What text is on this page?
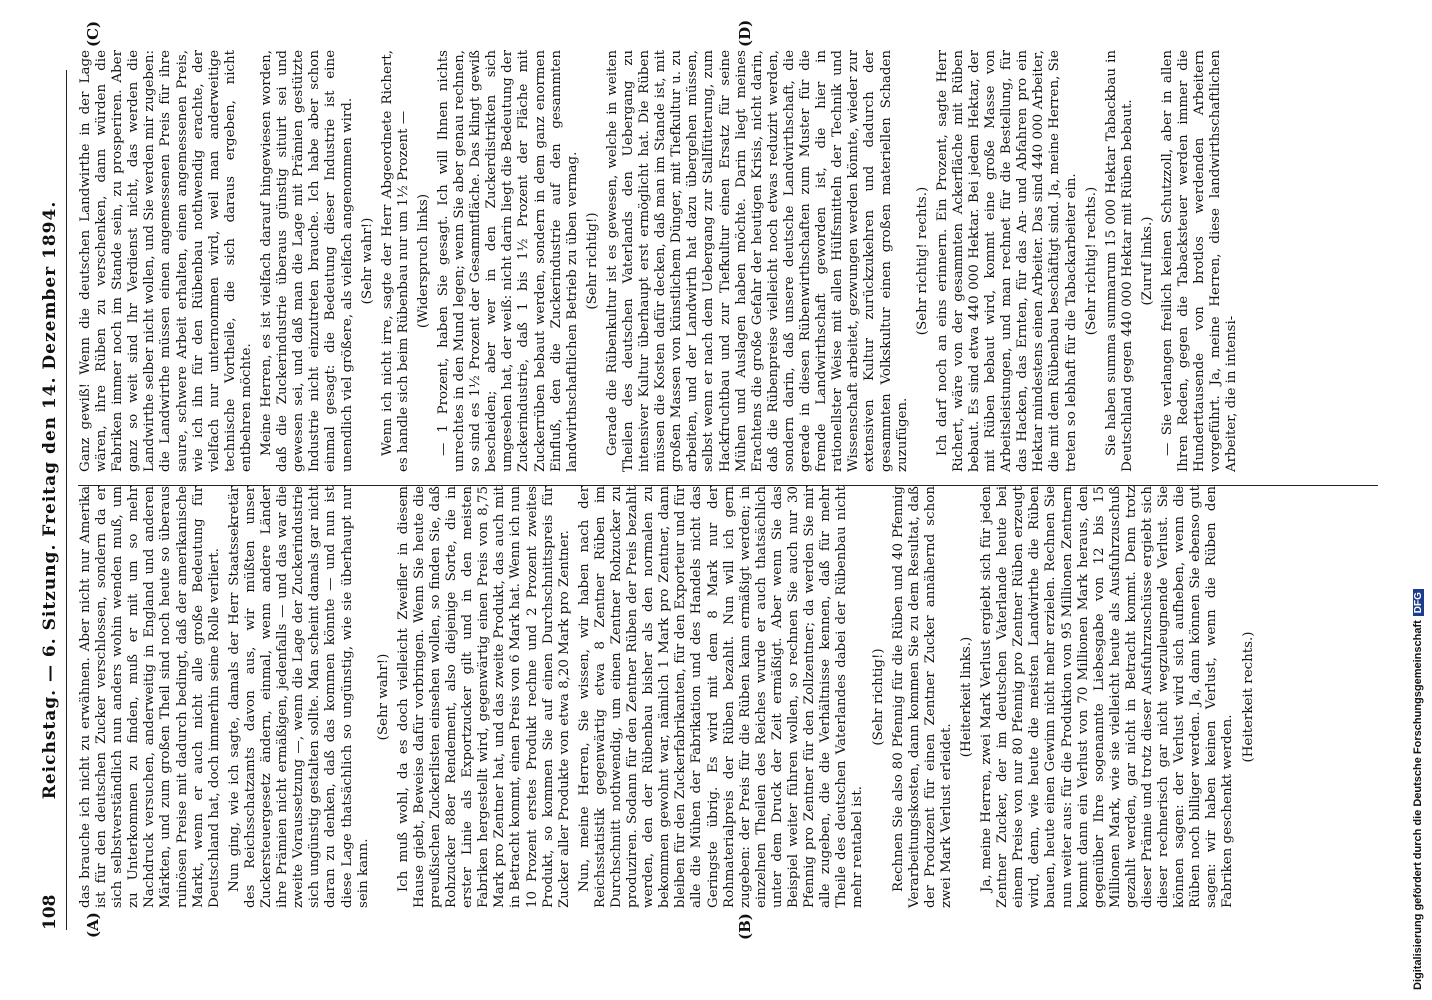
108
Reichstag. — 6. Sitzung. Freitag den 14. Dezember 1894.
(A)	(B)
(C)	(D)

das brauche ich nicht zu erwähnen. Aber nicht nur Amerika ist für den deutschen Zucker verschlossen, sondern da er sich selbstverständlich nun anders wohin wenden muß, um zu Unterkommen zu finden, muß er mit um so mehr Nachdruck versuchen, anderweitig in England und anderen Märkten, und zum großen Theil sind noch heute so überaus ruinösen Preise mit dadurch bedingt, daß der amerikanische Markt, wenn er auch nicht alle große Bedeutung für Deutschland hat, doch immerhin seine Rolle verliert. Nun ging, wie ich sagte, damals der Herr Staatssekretär des Reichsschatzamts davon aus, wir müßten unser Zuckersteuergesetz ändern, einmal, wenn andere Länder ihre Prämien nicht ermäßigen, jedenfalls — und das war die zweite Voraussetzung —, wenn die Lage der Zuckerindustrie sich ungünstig gestalten sollte. Man scheint damals gar nicht daran zu denken, daß das kommen könnte — und nun ist diese Lage thatsächlich so ungünstig, wie sie überhaupt nur sein kann.

(Sehr wahr!) Ich muß wohl, da es doch vielleicht Zweifler in diesem Hause giebt, Beweise dafür vorbringen. Wenn Sie heute die preußischen Zuckerlisten einsehen wollen, so finden Sie, daß Rohzucker 88er Rendement, also diejenige Sorte, die in erster Linie als Exportzucker gilt und in den meisten Fabriken hergestellt wird, gegenwärtig einen Preis von 8,75 Mark pro Zentner hat, und das zweite Produkt, das auch mit in Betracht kommt, einen Preis von 6 Mark hat. Wenn ich nun 10 Prozent erstes Produkt rechne und 2 Prozent zweites Produkt, so kommen Sie auf einen Durchschnittspreis für Zucker aller Produkte von etwa 8,20 Mark pro Zentner. Nun, meine Herren, Sie wissen, wir haben nach der Reichsstatistik gegenwärtig etwa 8 Zentner Rüben im Durchschnitt nothwendig, um einen Zentner Rohzucker zu produziren. Sodann für den Zentner Rüben der Preis bezahlt werden, den der Rübenbau bisher als den normalen zu bekommen gewohnt war, nämlich 1 Mark pro Zentner, dann bleiben für den Zuckerfabrikanten, für den Exporteur und für alle die Mühen der Fabrikation und des Handels nicht das Geringste übrig. Es wird mit dem 8 Mark nur der Rohmaterialpreis der Rüben bezahlt. Nun will ich gern zugeben: der Preis für die Rüben kann ermäßigt werden; in einzelnen Theilen des Reiches wurde er auch thatsächlich unter dem Druck der Zeit ermäßigt. Aber wenn Sie das Beispiel weiter führen wollen, so rechnen Sie auch nur 30 Pfennig pro Zentner für den Zollzentner; da werden Sie mir alle zugeben, die die Verhältnisse kennen, daß für mehr Theile des deutschen Vaterlandes dabei der Rübenbau nicht mehr rentabel ist.

(Sehr richtig!) Rechnen Sie also 80 Pfennig für die Rüben und 40 Pfennig Verarbeitungskosten, dann kommen Sie zu dem Resultat, daß der Produzent für einen Zentner Zucker annähernd schon zwei Mark Verlust erleidet.

(Heiterkeit links.) Ja, meine Herren, zwei Mark Verlust ergiebt sich für jeden Zentner Zucker, der im deutschen Vaterlande heute bei einem Preise von nur 80 Pfennig pro Zentner Rüben erzeugt wird, denn, wie heute die meisten Landwirthe die Rüben bauen, heute einen Gewinn nicht mehr erzielen. Rechnen Sie nun weiter aus: für die Produktion von 95 Millionen Zentnern kommt dann ein Verlust von 70 Millionen Mark heraus, den gegenüber Ihre sogenannte Liebesgabe von 12 bis 15 Millionen Mark, wie sie vielleicht heute als Ausfuhrzuschuß gezahlt werden, gar nicht in Betracht kommt. Denn trotz dieser Prämie und trotz dieser Ausfuhrzuschüsse ergiebt sich dieser rechnerisch gar nicht wegzuleugnende Verlust. Sie können sagen: der Verlust wird sich aufheben, wenn die Rüben noch billiger werden. Ja, dann können Sie ebenso gut sagen: wir haben keinen Verlust, wenn die Rüben den Fabriken geschenkt werden.

(Heiterkeit rechts.)

Ganz gewiß! Wenn die deutschen Landwirthe in der Lage wären, ihre Rüben zu verschenken, dann würden die Fabriken immer noch im Stande sein, zu prosperiren. Aber ganz so weit sind Ihr Verdienst nicht, das werden die Landwirthe selber nicht wollen, und Sie werden mir zugeben: die Landwirthe müssen einen angemessenen Preis für ihre saure, schwere Arbeit erhalten, einen angemessenen Preis, wie ich ihn für den Rübenbau nothwendig erachte, der vielfach nur unternommen wird, weil man anderweitige technische Vortheile, die sich daraus ergeben, nicht entbehren möchte. Meine Herren, es ist vielfach darauf hingewiesen worden, daß die Zuckerindustrie überaus günstig situirt sei und gewesen sei, und daß man die Lage mit Prämien gestützte Industrie nicht einzutreten brauche. Ich habe aber schon einmal gesagt: die Bedeutung dieser Industrie ist eine unendlich viel größere, als vielfach angenommen wird. (Sehr wahr!) Wenn ich nicht irre, sagte der Herr Abgeordnete Richert, es handle sich beim Rübenbau nur um 1½ Prozent — (Widerspruch links) — 1 Prozent, haben Sie gesagt. Ich will Ihnen nichts unrechtes in den Mund legen; wenn Sie aber genau rechnen, so sind es 1½ Prozent der Gesammtfläche. Das klingt gewiß bescheiden; aber wer in den Zuckerdistrikten sich umgesehen hat, der weiß: nicht darin liegt die Bedeutung der Zuckerindustrie, daß 1 bis 1½ Prozent der Fläche mit Zuckerrüben bebaut werden, sondern in dem ganz enormen Einfluß, den die Zuckerindustrie auf den gesammten landwirthschaftlichen Betrieb zu üben vermag. (Sehr richtig!) Gerade die Rübenkultur ist es gewesen, welche in weiten Theilen des deutschen Vaterlands den Uebergang zu intensiver Kultur überhaupt erst ermöglicht hat. Die Rüben müssen die Kosten dafür decken, daß man im Stande ist, mit großen Massen von künstlichem Dünger, mit Tiefkultur u. zu arbeiten, und der Landwirth hat dazu übergehen müssen, selbst wenn er nach dem Uebergang zur Stallfütterung, zum Hackfruchtbau und zur Tiefkultur einen Ersatz für seine Mühen und Auslagen haben möchte. Darin liegt meines Erachtens die große Gefahr der heutigen Krisis, nicht darin, daß die Rübenpreise vielleicht noch etwas reduzirt werden, sondern darin, daß unsere deutsche Landwirthschaft, die gerade in diesen Rübenwirthschaften zum Muster für die fremde Landwirthschaft geworden ist, die hier in rationellster Weise mit allen Hülfsmitteln der Technik und Wissenschaft arbeitet, gezwungen werden könnte, wieder zur extensiven Kultur zurückzukehren und dadurch der gesammten Volkskultur einen großen materiellen Schaden zuzufügen.

(Sehr richtig! rechts.) Ich darf noch an eins erinnern. Ein Prozent, sagte Herr Richert, wäre von der gesammten Ackerfläche mit Rüben bebaut. Es sind etwa 440 000 Hektar. Bei jedem Hektar, der mit Rüben bebaut wird, kommt eine große Masse von Arbeitsleistungen, und man rechnet für die Bestellung, für das Hacken, das Ernten, für das An- und Abfahren pro ein Hektar mindestens einen Arbeiter. Das sind 440 000 Arbeiter, die mit dem Rübenbau beschäftigt sind. Ja, meine Herren, Sie treten so lebhaft für die Tabackarbeiter ein. (Sehr richtig! rechts.) Sie haben summa summarum 15 000 Hektar Tabackbau in Deutschland gegen 440 000 Hektar mit Rüben bebaut. (Zuruf links.) — Sie verlangen freilich keinen Schutzzoll, aber in allen Ihren Reden, gegen die Tabacksteuer werden immer die Hunderttausende von brotlos werdenden Arbeitern vorgeführt. Ja, meine Herren, diese landwirthschaftlichen Arbeiter, die in intensi-

Digitalisierung gefördert durch die Deutsche ForschungsgemeinschaftDFG
